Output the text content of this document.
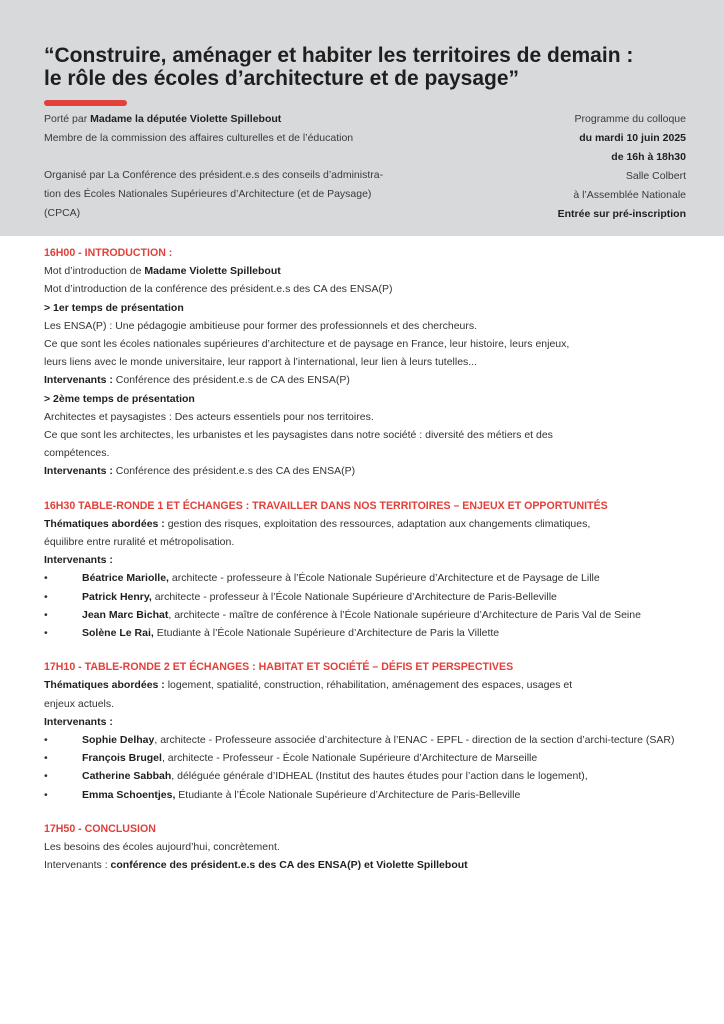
“Construire, aménager et habiter les territoires de demain :
le rôle des écoles d’architecture et de paysage”
Porté par Madame la députée Violette Spillebout
Membre de la commission des affaires culturelles et de l’éducation
Organisé par La Conférence des président.e.s des conseils d’administra-
tion des Écoles Nationales Supérieures d’Architecture (et de Paysage)
(CPCA)
Programme du colloque
du mardi 10 juin 2025
de 16h à 18h30
Salle Colbert
à l’Assemblée Nationale
Entrée sur pré-inscription
16H00 - INTRODUCTION :
Mot d’introduction de Madame Violette Spillebout
Mot d’introduction de la conférence des président.e.s des CA des ENSA(P)
> 1er temps de présentation
Les ENSA(P) : Une pédagogie ambitieuse pour former des professionnels et des chercheurs.
Ce que sont les écoles nationales supérieures d’architecture et de paysage en France, leur histoire, leurs enjeux,
leurs liens avec le monde universitaire, leur rapport à l’international, leur lien à leurs tutelles...
Intervenants : Conférence des président.e.s de CA des ENSA(P)
> 2ème temps de présentation
Architectes et paysagistes : Des acteurs essentiels pour nos territoires.
Ce que sont les architectes, les urbanistes et les paysagistes dans notre société : diversité des métiers et des
compétences.
Intervenants : Conférence des président.e.s des CA des ENSA(P)
16H30 TABLE-RONDE 1 ET ÉCHANGES : TRAVAILLER DANS NOS TERRITOIRES – ENJEUX ET OPPORTUNITÉS
Thématiques abordées : gestion des risques, exploitation des ressources, adaptation aux changements climatiques,
équilibre entre ruralité et métropolisation.
Intervenants :
•	Béatrice Mariolle, architecte - professeure à l’École Nationale Supérieure d’Architecture et de Paysage de Lille
•	Patrick Henry, architecte - professeur à l’École Nationale Supérieure d’Architecture de Paris-Belleville
•	Jean Marc Bichat, architecte - maître de conférence à l’École Nationale supérieure d’Architecture de Paris Val de Seine
•	Solène Le Rai, Etudiante à l’École Nationale Supérieure d’Architecture de Paris la Villette
17H10 - TABLE-RONDE 2 ET ÉCHANGES : HABITAT ET SOCIÉTÉ – DÉFIS ET PERSPECTIVES
Thématiques abordées : logement, spatialité, construction, réhabilitation, aménagement des espaces, usages et
enjeux actuels.
Intervenants :
•	Sophie Delhay, architecte - Professeure associée d’architecture à l’ENAC - EPFL - direction de la section d’archi-tecture (SAR)
•	François Brugel, architecte - Professeur - École Nationale Supérieure d’Architecture de Marseille
•	Catherine Sabbah, déléguée générale d’IDHEAL (Institut des hautes études pour l’action dans le logement),
•	Emma Schoentjes, Etudiante à l’École Nationale Supérieure d’Architecture de Paris-Belleville
17H50 - CONCLUSION
Les besoins des écoles aujourd’hui, concrètement.
Intervenants : conférence des président.e.s des CA des ENSA(P) et Violette Spillebout
